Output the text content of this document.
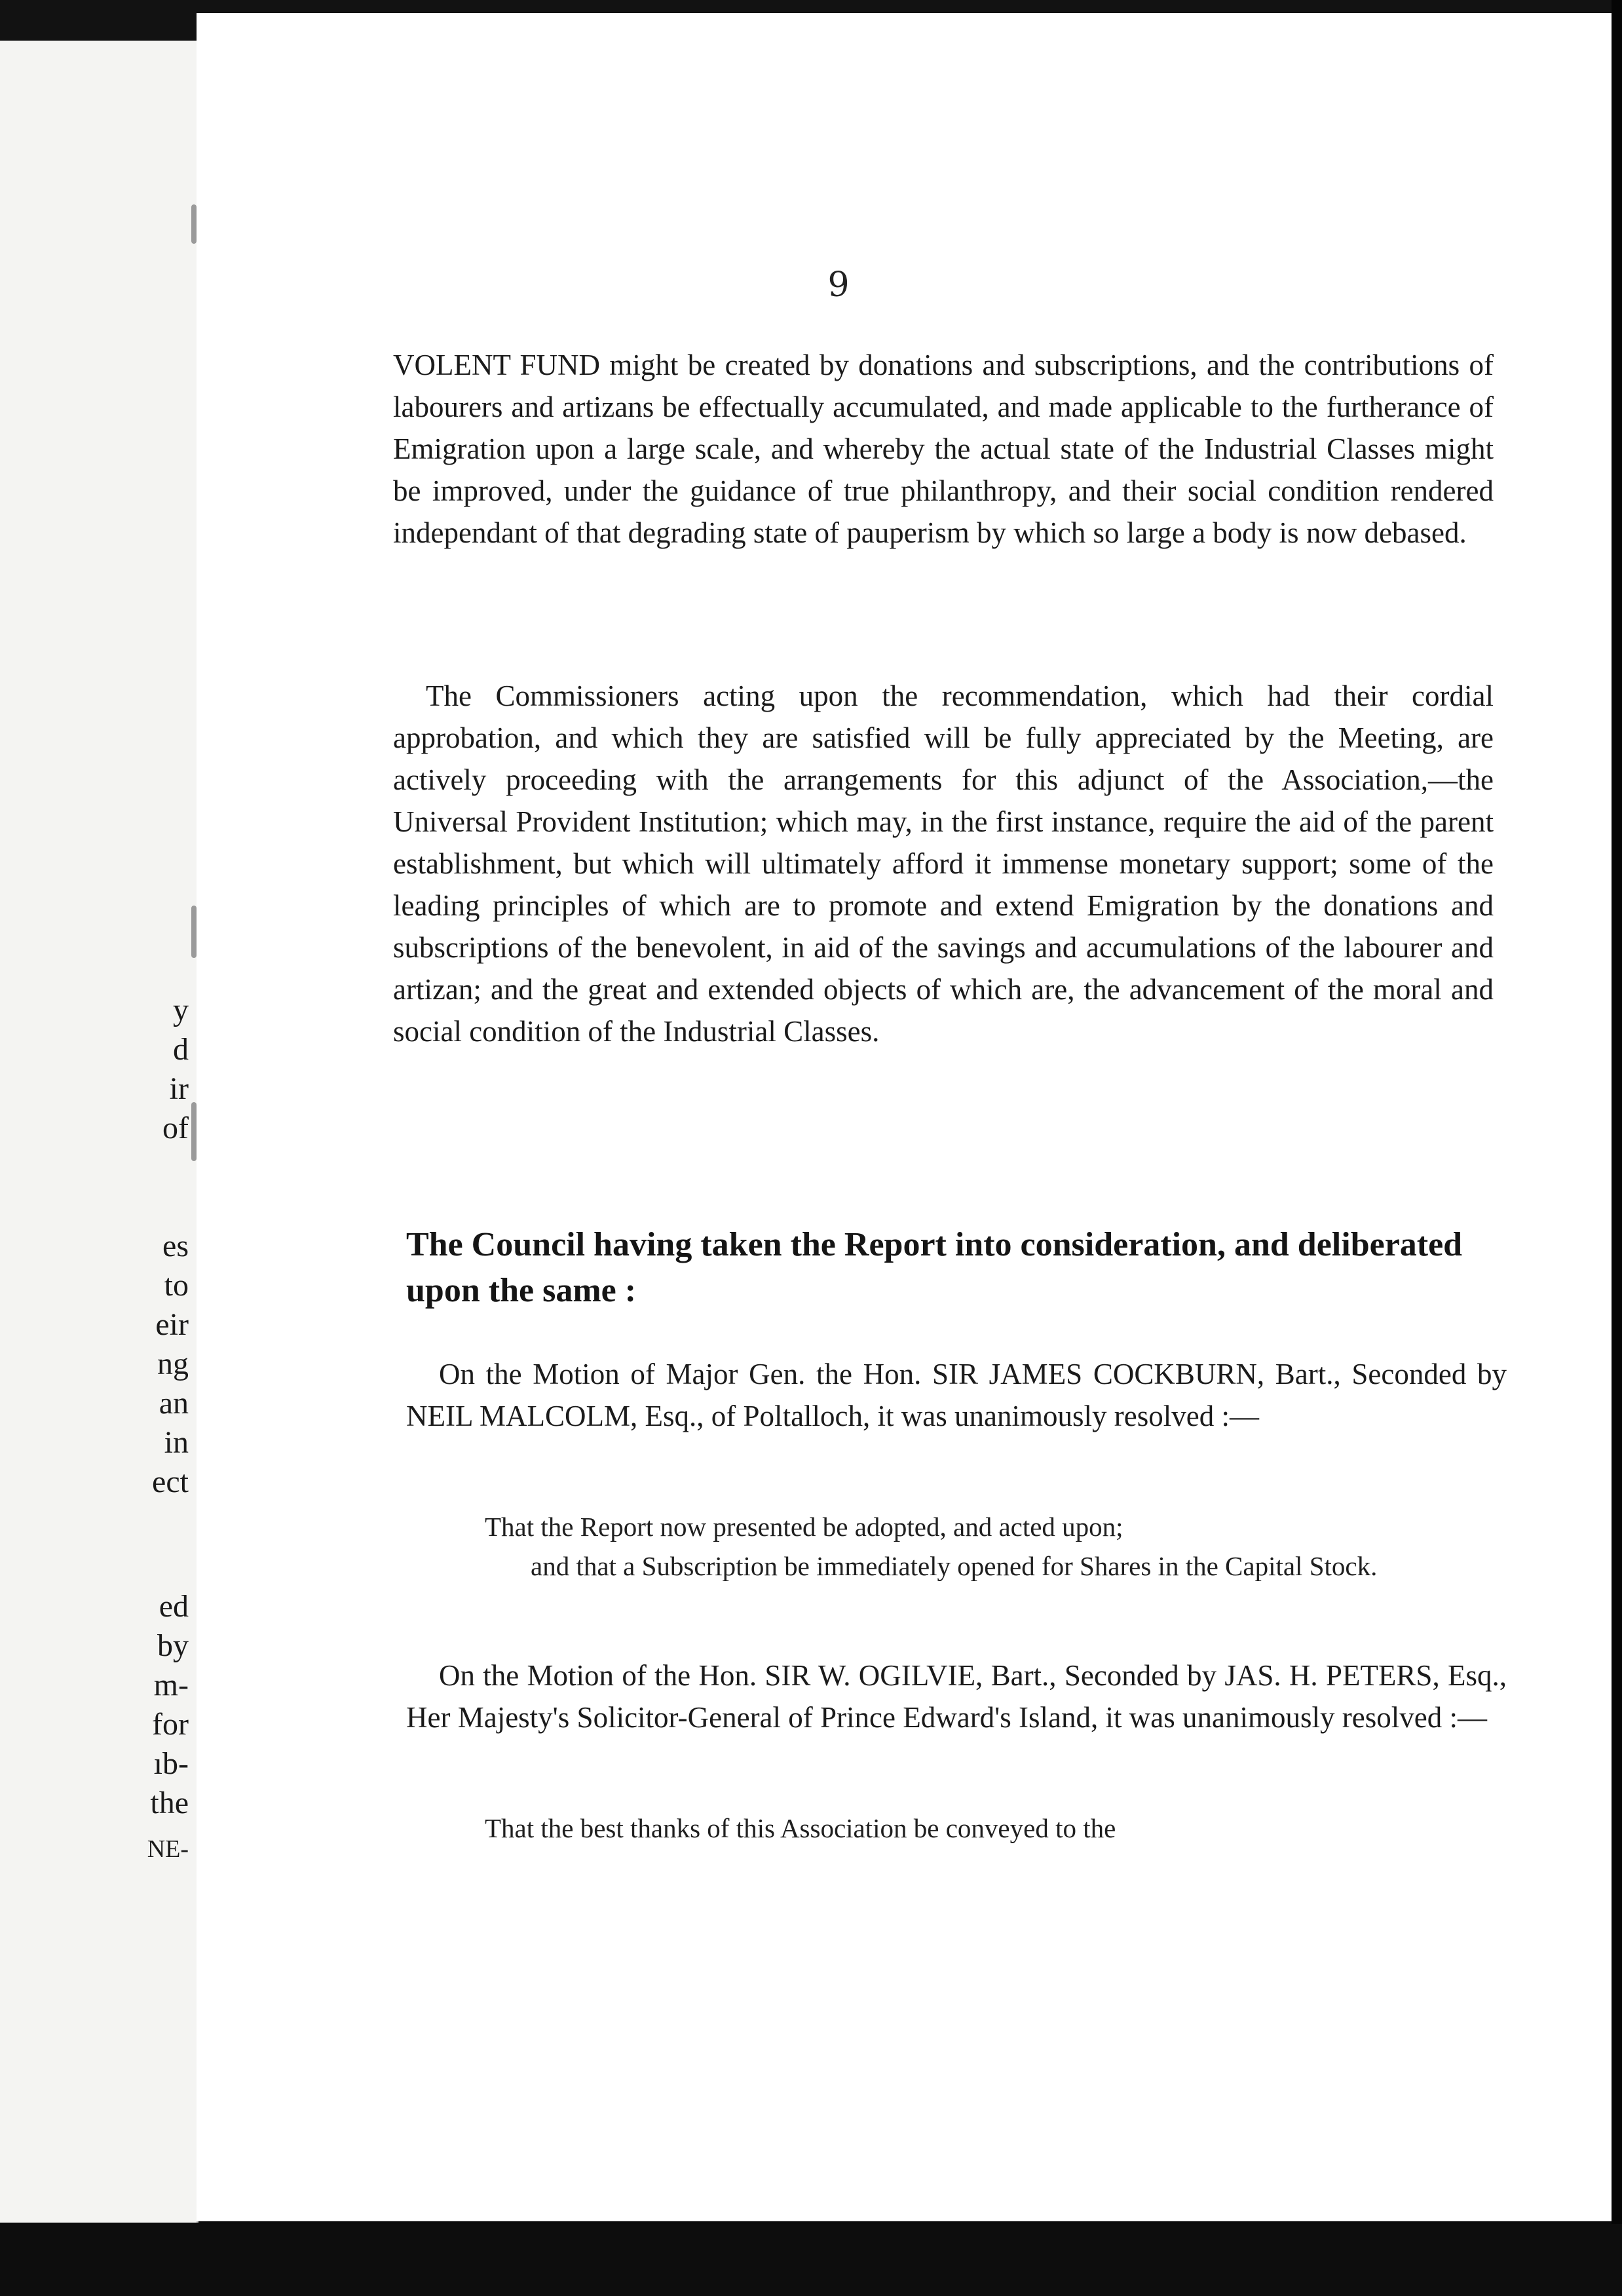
y
d
ir
of
es
to
eir
ng
an
in
ect
ed
by
m-
for
ıb-
the
NE-
9
VOLENT FUND might be created by donations and subscriptions, and the contributions of labourers and artizans be effectually accumulated, and made applicable to the furtherance of Emigration upon a large scale, and whereby the actual state of the Industrial Classes might be improved, under the guidance of true philanthropy, and their social condition rendered independant of that degrading state of pauperism by which so large a body is now debased.
The Commissioners acting upon the recommendation, which had their cordial approbation, and which they are satisfied will be fully appreciated by the Meeting, are actively proceeding with the arrangements for this adjunct of the Association,—the Universal Provident Institution; which may, in the first instance, require the aid of the parent establishment, but which will ultimately afford it immense monetary support; some of the leading principles of which are to promote and extend Emigration by the donations and subscriptions of the benevolent, in aid of the savings and accumulations of the labourer and artizan; and the great and extended objects of which are, the advancement of the moral and social condition of the Industrial Classes.
The Council having taken the Report into consideration, and deliberated upon the same :
On the Motion of Major Gen. the Hon. SIR JAMES COCKBURN, Bart., Seconded by NEIL MALCOLM, Esq., of Poltalloch, it was unanimously resolved :—
That the Report now presented be adopted, and acted upon;
and that a Subscription be immediately opened for Shares in the Capital Stock.
On the Motion of the Hon. SIR W. OGILVIE, Bart., Seconded by JAS. H. PETERS, Esq., Her Majesty's Solicitor-General of Prince Edward's Island, it was unanimously resolved :—
That the best thanks of this Association be conveyed to the
